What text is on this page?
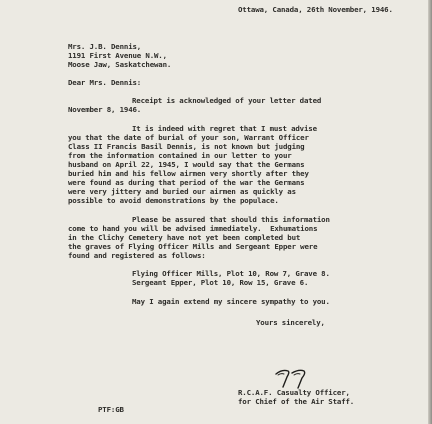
Ottawa, Canada, 26th November, 1946.
Mrs. J.B. Dennis,
1191 First Avenue N.W.,
Moose Jaw, Saskatchewan.
Dear Mrs. Dennis:
Receipt is acknowledged of your letter dated
November 8, 1946.
It is indeed with regret that I must advise
you that the date of burial of your son, Warrant Officer
Class II Francis Basil Dennis, is not known but judging
from the information contained in our letter to your
husband on April 22, 1945, I would say that the Germans
buried him and his fellow airmen very shortly after they
were found as during that period of the war the Germans
were very jittery and buried our airmen as quickly as
possible to avoid demonstrations by the populace.
Please be assured that should this information
come to hand you will be advised immediately.  Exhumations
in the Clichy Cemetery have not yet been completed but
the graves of Flying Officer Mills and Sergeant Epper were
found and registered as follows:
Flying Officer Mills, Plot 10, Row 7, Grave 8.
Sergeant Epper, Plot 10, Row 15, Grave 6.
May I again extend my sincere sympathy to you.
Yours sincerely,
R.C.A.F. Casualty Officer,
for Chief of the Air Staff.
PTF:GB
